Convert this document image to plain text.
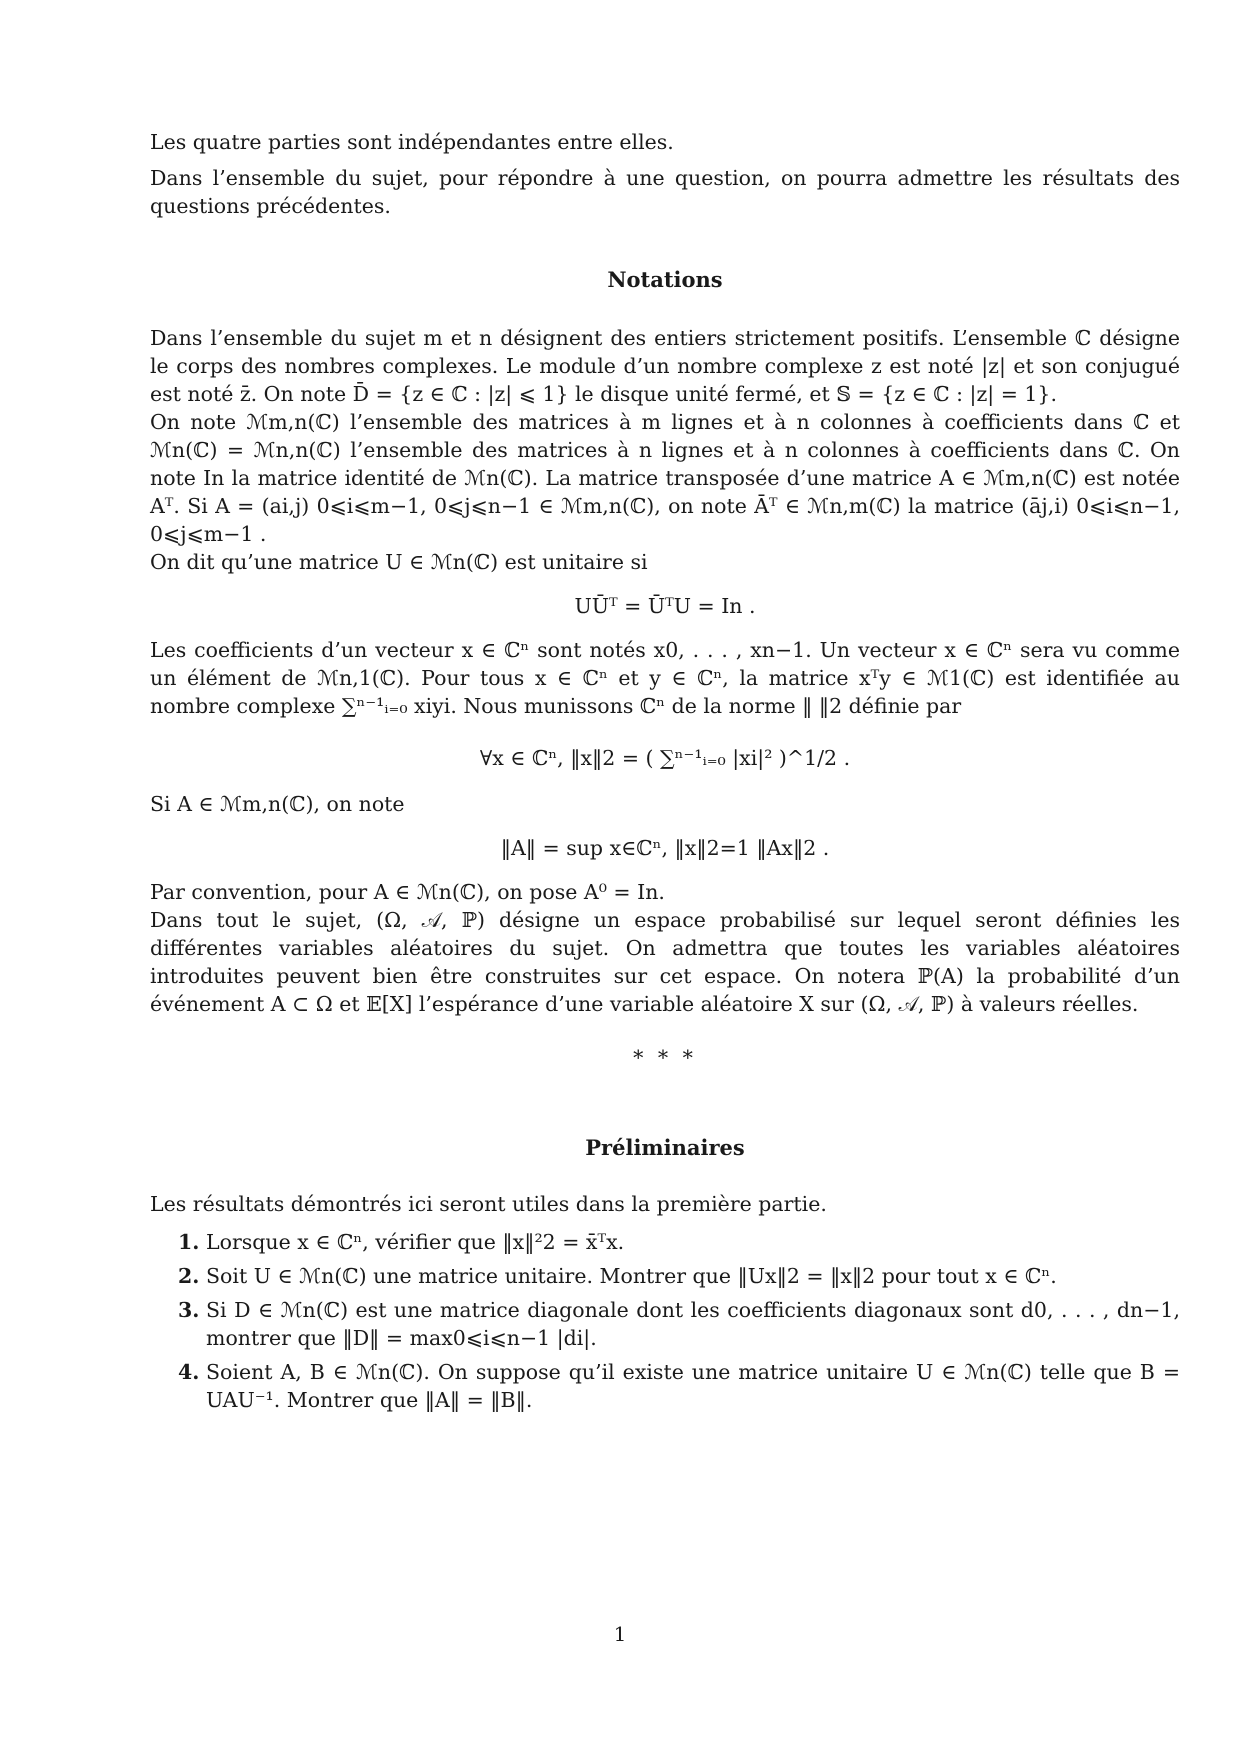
Les quatre parties sont indépendantes entre elles.

Dans l’ensemble du sujet, pour répondre à une question, on pourra admettre les résultats des questions précédentes.

Notations

Dans l’ensemble du sujet m et n désignent des entiers strictement positifs. L’ensemble ℂ désigne le corps des nombres complexes. Le module d’un nombre complexe z est noté |z| et son conjugué est noté z̄. On note D̄ = {z ∈ ℂ : |z| ⩽ 1} le disque unité fermé, et 𝕊 = {z ∈ ℂ : |z| = 1}.

On note ℳm,n(ℂ) l’ensemble des matrices à m lignes et à n colonnes à coefficients dans ℂ et ℳn(ℂ) = ℳn,n(ℂ) l’ensemble des matrices à n lignes et à n colonnes à coefficients dans ℂ. On note In la matrice identité de ℳn(ℂ). La matrice transposée d’une matrice A ∈ ℳm,n(ℂ) est notée Aᵀ. Si A = (ai,j) 0⩽i⩽m−1, 0⩽j⩽n−1 ∈ ℳm,n(ℂ), on note Āᵀ ∈ ℳn,m(ℂ) la matrice (āj,i) 0⩽i⩽n−1, 0⩽j⩽m−1 .

On dit qu’une matrice U ∈ ℳn(ℂ) est unitaire si

UŪᵀ = ŪᵀU = In .

Les coefficients d’un vecteur x ∈ ℂⁿ sont notés x0, . . . , xn−1. Un vecteur x ∈ ℂⁿ sera vu comme un élément de ℳn,1(ℂ). Pour tous x ∈ ℂⁿ et y ∈ ℂⁿ, la matrice xᵀy ∈ ℳ1(ℂ) est identifiée au nombre complexe ∑ⁿ⁻¹ᵢ₌₀ xiyi. Nous munissons ℂⁿ de la norme ‖ ‖2 définie par

∀x ∈ ℂⁿ, ‖x‖2 = ( ∑ⁿ⁻¹ᵢ₌₀ |xi|² )^1/2 .

Si A ∈ ℳm,n(ℂ), on note

‖A‖ = sup x∈ℂⁿ, ‖x‖2=1 ‖Ax‖2 .

Par convention, pour A ∈ ℳn(ℂ), on pose A⁰ = In.

Dans tout le sujet, (Ω, 𝒜, ℙ) désigne un espace probabilisé sur lequel seront définies les différentes variables aléatoires du sujet. On admettra que toutes les variables aléatoires introduites peuvent bien être construites sur cet espace. On notera ℙ(A) la probabilité d’un événement A ⊂ Ω et 𝔼[X] l’espérance d’une variable aléatoire X sur (Ω, 𝒜, ℙ) à valeurs réelles.

* * *
Préliminaires

Les résultats démontrés ici seront utiles dans la première partie.

1. Lorsque x ∈ ℂⁿ, vérifier que ‖x‖²2 = x̄ᵀx.
2. Soit U ∈ ℳn(ℂ) une matrice unitaire. Montrer que ‖Ux‖2 = ‖x‖2 pour tout x ∈ ℂⁿ.
3. Si D ∈ ℳn(ℂ) est une matrice diagonale dont les coefficients diagonaux sont d0, . . . , dn−1, montrer que ‖D‖ = max0⩽i⩽n−1 |di|.
4. Soient A, B ∈ ℳn(ℂ). On suppose qu’il existe une matrice unitaire U ∈ ℳn(ℂ) telle que B = UAU⁻¹. Montrer que ‖A‖ = ‖B‖.
1
